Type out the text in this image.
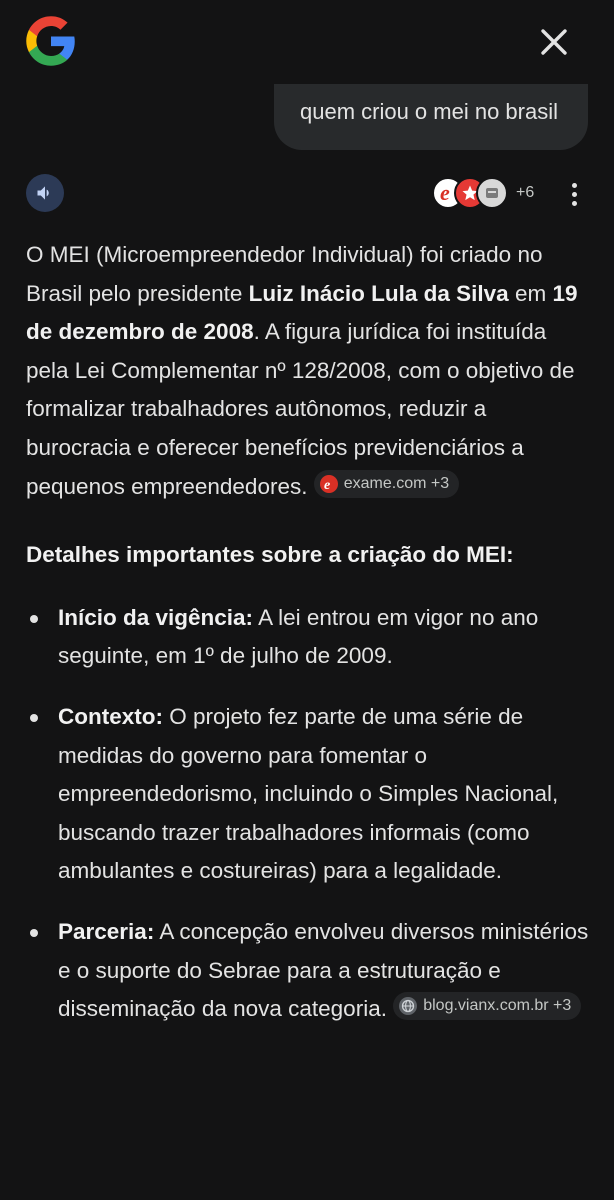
quem criou o mei no brasil
e	+6

O MEI (Microempreendedor Individual) foi criado no Brasil pelo presidente Luiz Inácio Lula da Silva em 19 de dezembro de 2008. A figura jurídica foi instituída pela Lei Complementar nº 128/2008, com o objetivo de formalizar trabalhadores autônomos, reduzir a burocracia e oferecer benefícios previdenciários a pequenos empreendedores. e exame.com +3

Detalhes importantes sobre a criação do MEI:

Início da vigência: A lei entrou em vigor no ano seguinte, em 1º de julho de 2009.
Contexto: O projeto fez parte de uma série de medidas do governo para fomentar o empreendedorismo, incluindo o Simples Nacional, buscando trazer trabalhadores informais (como ambulantes e costureiras) para a legalidade.
Parceria: A concepção envolveu diversos ministérios e o suporte do Sebrae para a estruturação e disseminação da nova categoria. blog.vianx.com.br +3
